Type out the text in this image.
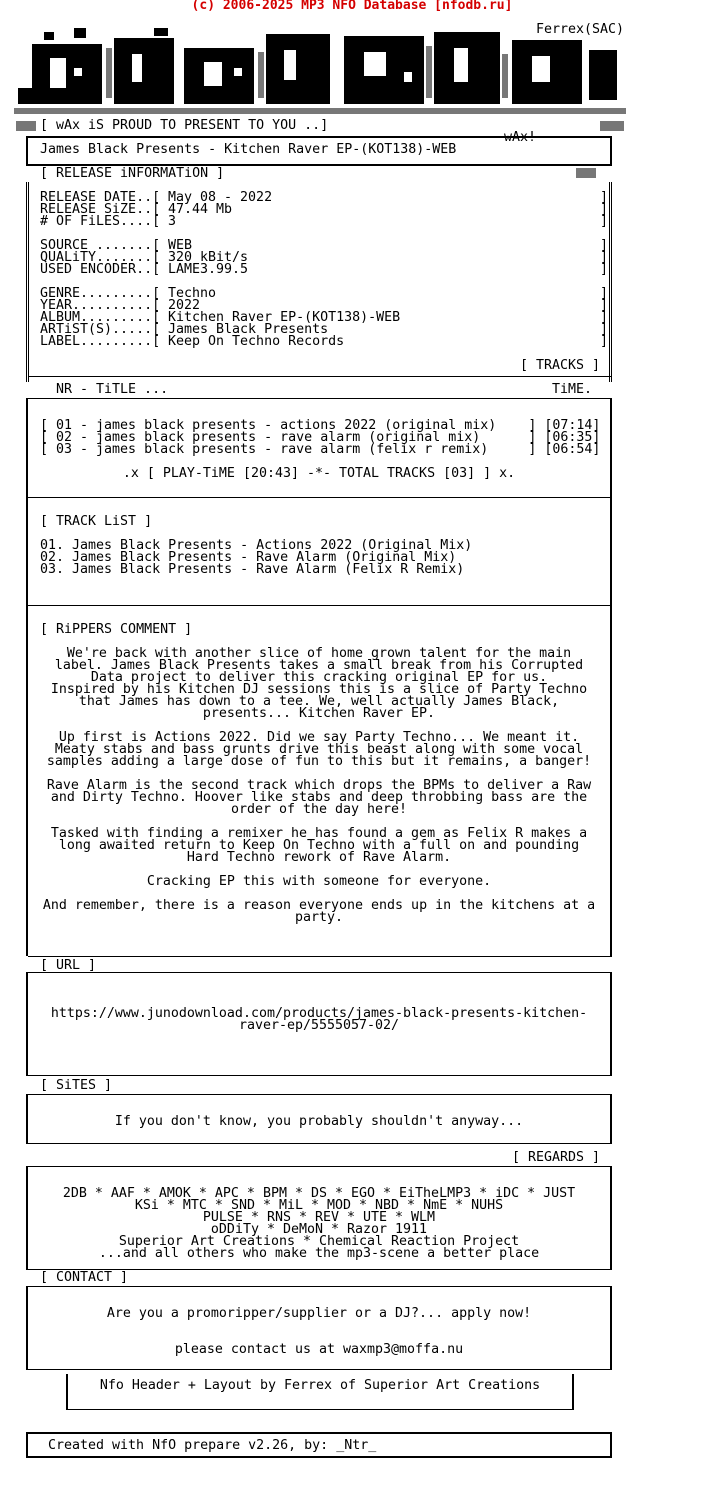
(c) 2006-2025 MP3 NFO Database [nfodb.ru]
Ferrex(SAC)
[ wAx iS PROUD TO PRESENT TO YOU ..]
wAx!
James Black Presents - Kitchen Raver EP-(KOT138)-WEB
[ RELEASE iNFORMATiON ]
RELEASE DATE..[ May 08 - 2022	]
RELEASE SiZE..[ 47.44 Mb	]
# OF FiLES....[ 3	]
SOURCE .......[ WEB	]
QUALiTY.......[ 320 kBit/s	]
USED ENCODER..[ LAME3.99.5	]
GENRE.........[ Techno	]
YEAR..........[ 2022	]
ALBUM.........[ Kitchen Raver EP-(KOT138)-WEB	]
ARTiST(S).....[ James Black Presents	]
LABEL.........[ Keep On Techno Records	]
[ TRACKS ]
NR - TiTLE ...	TiME.
[ 01 - james black presents - actions 2022 (original mix)    ] [07:14]
[ 02 - james black presents - rave alarm (original mix)      ] [06:35]
[ 03 - james black presents - rave alarm (felix r remix)     ] [06:54]
.x [ PLAY-TiME [20:43] -*- TOTAL TRACKS [03] ] x.
[ TRACK LiST ]
01. James Black Presents - Actions 2022 (Original Mix)
02. James Black Presents - Rave Alarm (Original Mix)
03. James Black Presents - Rave Alarm (Felix R Remix)
[ RiPPERS COMMENT ]
We're back with another slice of home grown talent for the main
label. James Black Presents takes a small break from his Corrupted
Data project to deliver this cracking original EP for us.
Inspired by his Kitchen DJ sessions this is a slice of Party Techno
that James has down to a tee. We, well actually James Black,
presents... Kitchen Raver EP.
Up first is Actions 2022. Did we say Party Techno... We meant it.
Meaty stabs and bass grunts drive this beast along with some vocal
samples adding a large dose of fun to this but it remains, a banger!
Rave Alarm is the second track which drops the BPMs to deliver a Raw
and Dirty Techno. Hoover like stabs and deep throbbing bass are the
order of the day here!
Tasked with finding a remixer he has found a gem as Felix R makes a
long awaited return to Keep On Techno with a full on and pounding
Hard Techno rework of Rave Alarm.
Cracking EP this with someone for everyone.
And remember, there is a reason everyone ends up in the kitchens at a
party.
[ URL ]
https://www.junodownload.com/products/james-black-presents-kitchen-
raver-ep/5555057-02/
[ SiTES ]
If you don't know, you probably shouldn't anyway...
[ REGARDS ]
2DB * AAF * AMOK * APC * BPM * DS * EGO * EiTheLMP3 * iDC * JUST
KSi * MTC * SND * MiL * MOD * NBD * NmE * NUHS
PULSE * RNS * REV * UTE * WLM
oDDiTy * DeMoN * Razor 1911
Superior Art Creations * Chemical Reaction Project
...and all others who make the mp3-scene a better place
[ CONTACT ]
Are you a promoripper/supplier or a DJ?... apply now!
please contact us at waxmp3@moffa.nu
Nfo Header + Layout by Ferrex of Superior Art Creations
Created with NfO prepare v2.26, by: _Ntr_
